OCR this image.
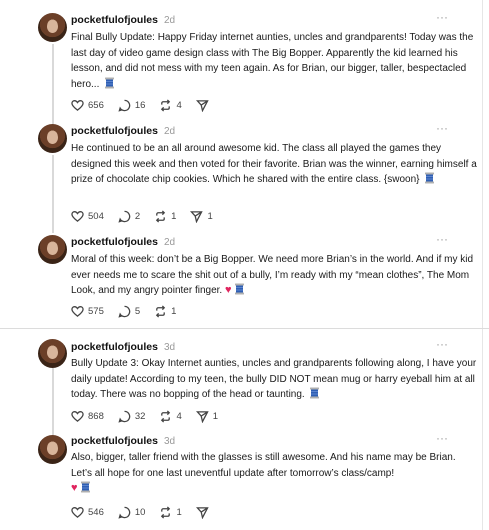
pocketfulofjoules 2d	···
Final Bully Update: Happy Friday internet aunties, uncles and grandparents! Today was the last day of video game design class with The Big Bopper. Apparently the kid learned his lesson, and did not mess with my teen again. As for Brian, our bigger, taller, bespectacled hero...
656	16	4
pocketfulofjoules 2d	···
He continued to be an all around awesome kid. The class all played the games they designed this week and then voted for their favorite. Brian was the winner, earning himself a prize of chocolate chip cookies. Which he shared with the entire class. {swoon}
504	2	1	1
pocketfulofjoules 2d	···
Moral of this week: don’t be a Big Bopper. We need more Brian’s in the world. And if my kid ever needs me to scare the shit out of a bully, I’m ready with my “mean clothes”, The Mom Look, and my angry pointer finger. ♥
575	5	1
pocketfulofjoules 3d	···
Bully Update 3: Okay Internet aunties, uncles and grandparents following along, I have your daily update! According to my teen, the bully DID NOT mean mug or harry eyeball him at all today. There was no bopping of the head or taunting.
868	32	4	1
pocketfulofjoules 3d	···
Also, bigger, taller friend with the glasses is still awesome. And his name may be Brian. Let’s all hope for one last uneventful update after tomorrow’s class/camp!
♥
546	10	1
